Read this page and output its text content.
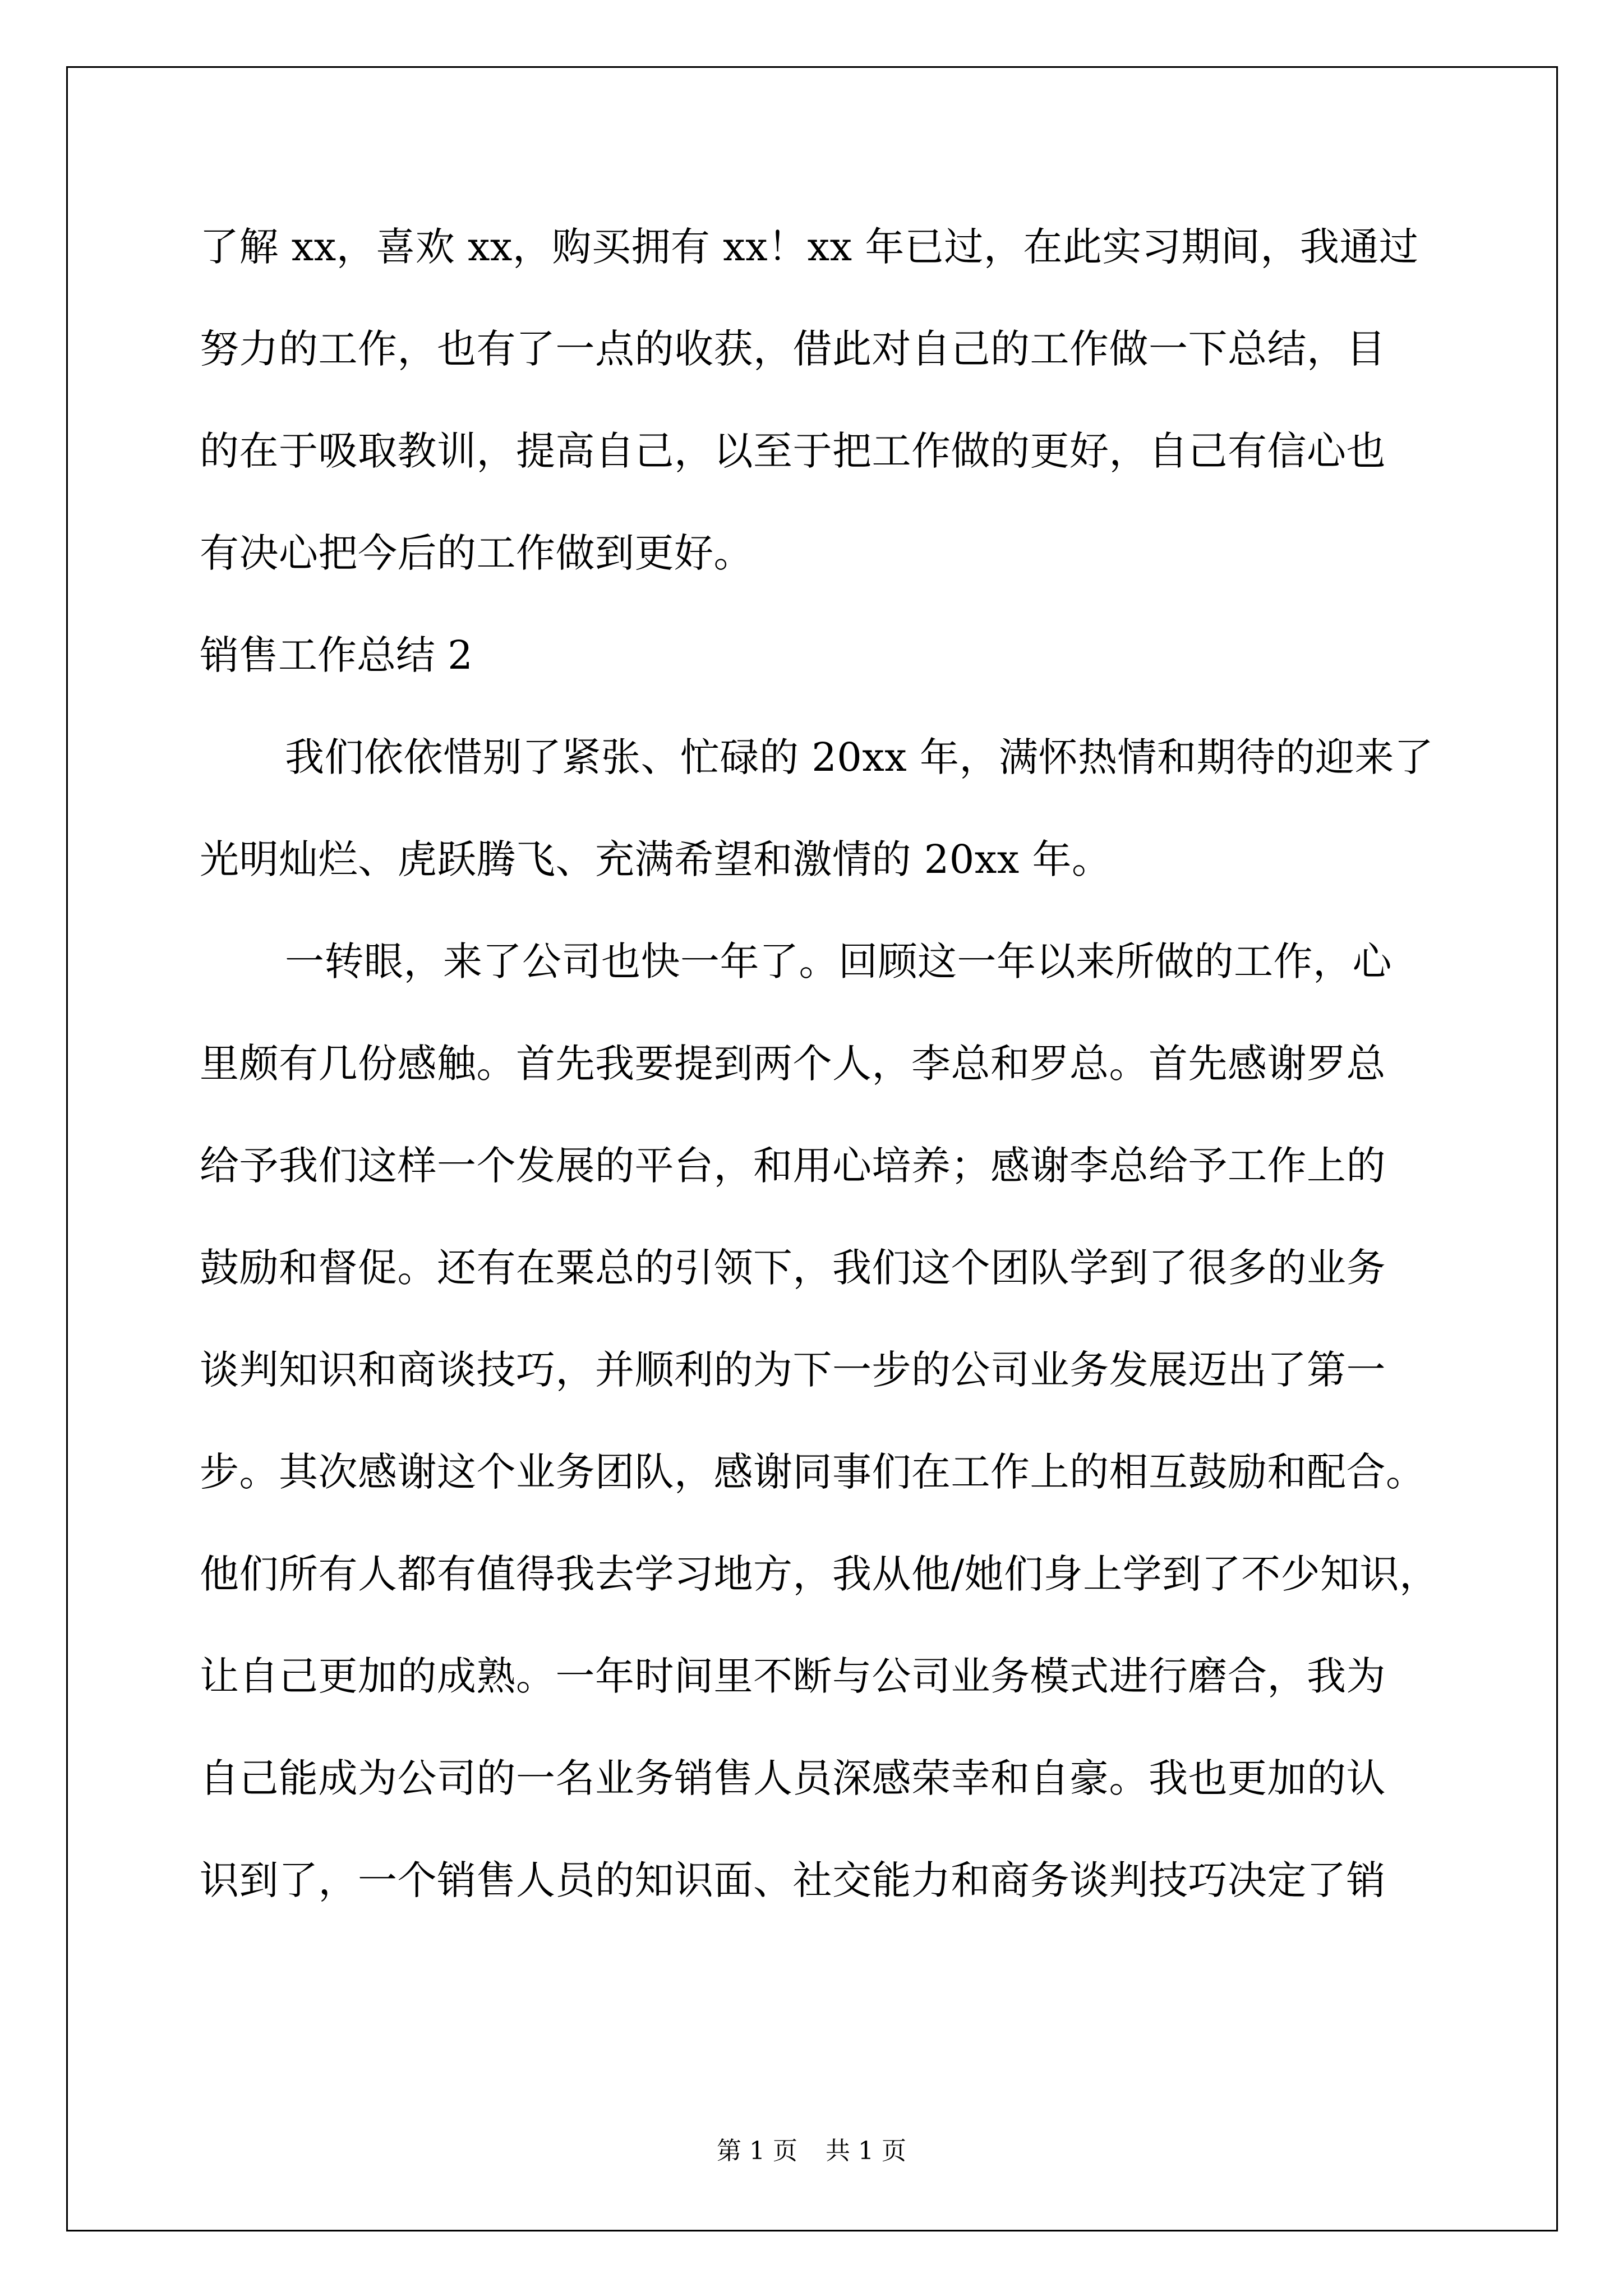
了解 xx，喜欢 xx，购买拥有 xx！xx 年已过，在此实习期间，我通过
努力的工作，也有了一点的收获，借此对自己的工作做一下总结，目
的在于吸取教训，提高自己，以至于把工作做的更好，自己有信心也
有决心把今后的工作做到更好。
销售工作总结 2
我们依依惜别了紧张、忙碌的 20xx 年，满怀热情和期待的迎来了
光明灿烂、虎跃腾飞、充满希望和激情的 20xx 年。
一转眼，来了公司也快一年了。回顾这一年以来所做的工作，心
里颇有几份感触。首先我要提到两个人，李总和罗总。首先感谢罗总
给予我们这样一个发展的平台，和用心培养；感谢李总给予工作上的
鼓励和督促。还有在粟总的引领下，我们这个团队学到了很多的业务
谈判知识和商谈技巧，并顺利的为下一步的公司业务发展迈出了第一
步。其次感谢这个业务团队，感谢同事们在工作上的相互鼓励和配合。
他们所有人都有值得我去学习地方，我从他/她们身上学到了不少知识，
让自己更加的成熟。一年时间里不断与公司业务模式进行磨合，我为
自己能成为公司的一名业务销售人员深感荣幸和自豪。我也更加的认
识到了，一个销售人员的知识面、社交能力和商务谈判技巧决定了销
第 1 页 共 1 页
